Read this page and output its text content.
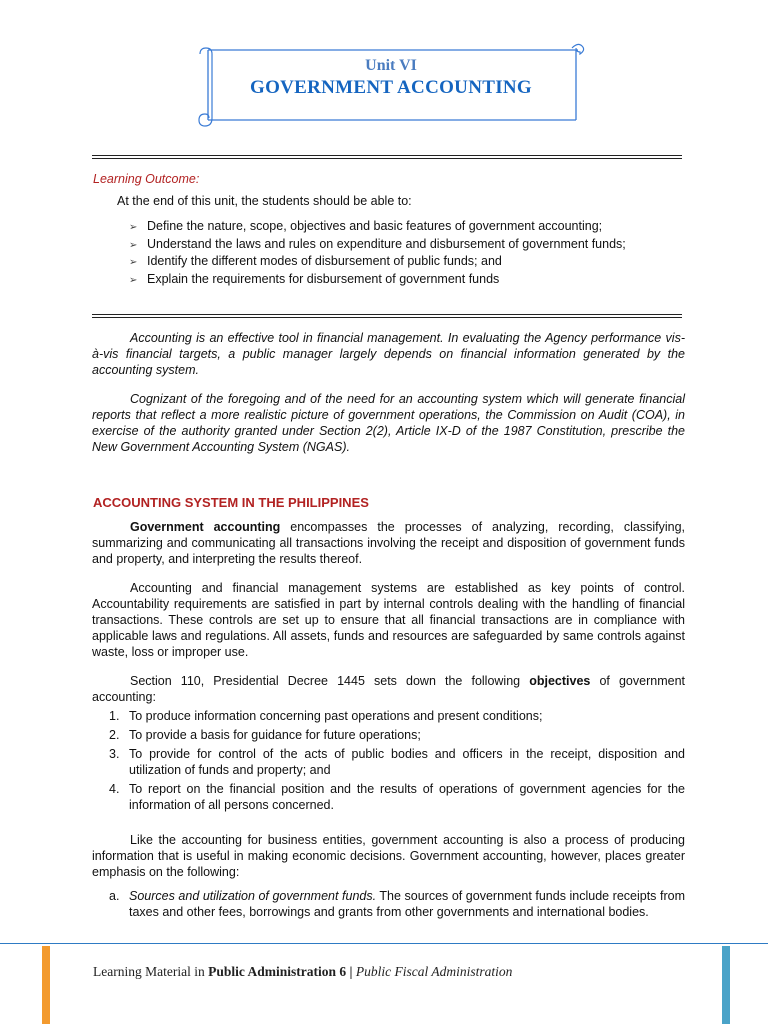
Unit VI
GOVERNMENT ACCOUNTING
Learning Outcome:
At the end of this unit, the students should be able to:
➢ Define the nature, scope, objectives and basic features of government accounting;
➢ Understand the laws and rules on expenditure and disbursement of government funds;
➢ Identify the different modes of disbursement of public funds; and
➢ Explain the requirements for disbursement of government funds
Accounting is an effective tool in financial management. In evaluating the Agency performance vis-à-vis financial targets, a public manager largely depends on financial information generated by the accounting system.
Cognizant of the foregoing and of the need for an accounting system which will generate financial reports that reflect a more realistic picture of government operations, the Commission on Audit (COA), in exercise of the authority granted under Section 2(2), Article IX-D of the 1987 Constitution, prescribe the New Government Accounting System (NGAS).
ACCOUNTING SYSTEM IN THE PHILIPPINES
Government accounting encompasses the processes of analyzing, recording, classifying, summarizing and communicating all transactions involving the receipt and disposition of government funds and property, and interpreting the results thereof.
Accounting and financial management systems are established as key points of control. Accountability requirements are satisfied in part by internal controls dealing with the handling of financial transactions. These controls are set up to ensure that all financial transactions are in compliance with applicable laws and regulations. All assets, funds and resources are safeguarded by same controls against waste, loss or improper use.
Section 110, Presidential Decree 1445 sets down the following objectives of government accounting:
1. To produce information concerning past operations and present conditions;
2. To provide a basis for guidance for future operations;
3. To provide for control of the acts of public bodies and officers in the receipt, disposition and utilization of funds and property; and
4. To report on the financial position and the results of operations of government agencies for the information of all persons concerned.
Like the accounting for business entities, government accounting is also a process of producing information that is useful in making economic decisions. Government accounting, however, places greater emphasis on the following:
a. Sources and utilization of government funds. The sources of government funds include receipts from taxes and other fees, borrowings and grants from other governments and international bodies.
Learning Material in Public Administration 6 | Public Fiscal Administration
